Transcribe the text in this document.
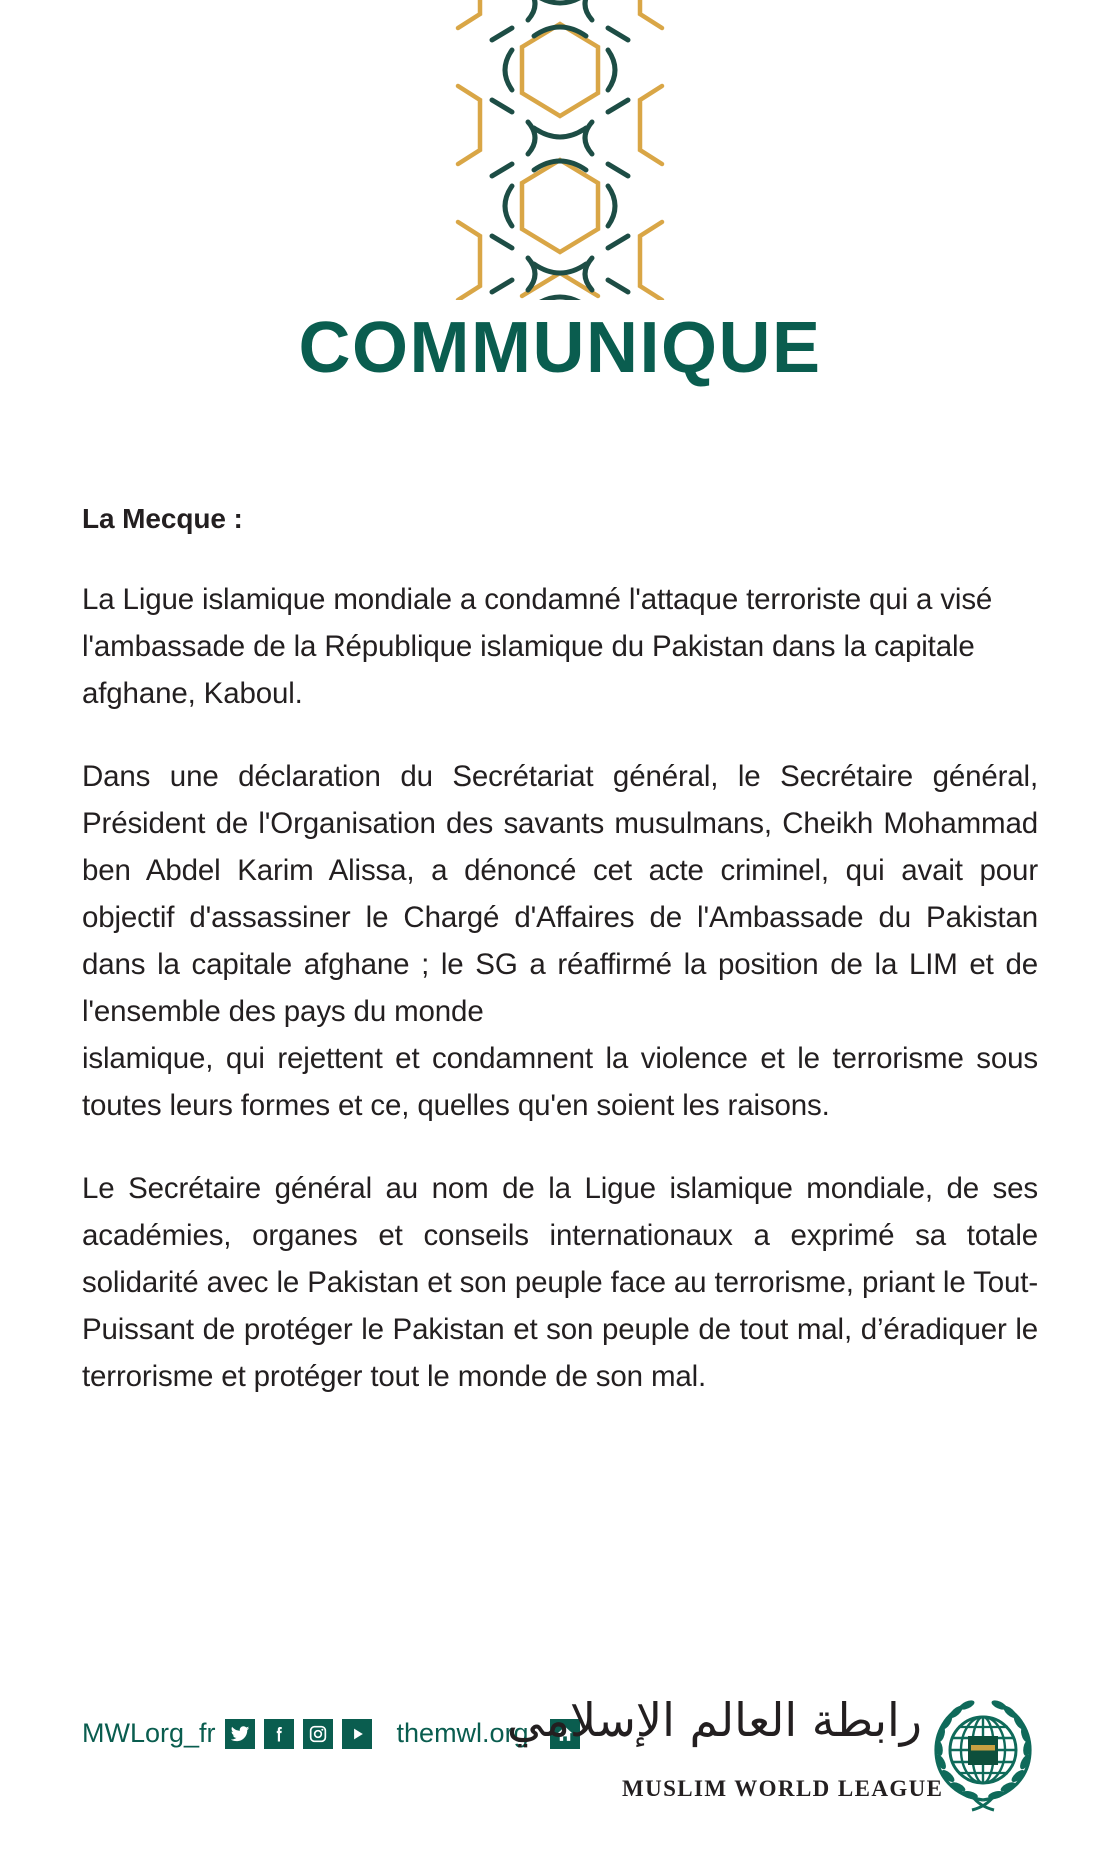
COMMUNIQUE
La Mecque :

La Ligue islamique mondiale a condamné l'attaque terroriste qui a visé l'ambassade de la République islamique du Pakistan dans la capitale afghane, Kaboul.

Dans une déclaration du Secrétariat général, le Secrétaire général, Président de l'Organisation des savants musulmans, Cheikh Mohammad ben Abdel Karim Alissa, a dénoncé cet acte criminel, qui avait pour objectif d'assassiner le Chargé d'Affaires de l'Ambassade du Pakistan dans la capitale afghane ; le SG a réaffirmé la position de la LIM et de l'ensemble des pays du monde

islamique, qui rejettent et condamnent la violence et le terrorisme sous toutes leurs formes et ce, quelles qu'en soient les raisons.

Le Secrétaire général au nom de la Ligue islamique mondiale, de ses académies, organes et conseils internationaux a exprimé sa totale solidarité avec le Pakistan et son peuple face au terrorisme, priant le Tout-Puissant de protéger le Pakistan et son peuple de tout mal, d’éradiquer le terrorisme et protéger tout le monde de son mal.

MWLorg_fr	themwl.org
رابطة العالم الإسلامي
MUSLIM WORLD LEAGUE
